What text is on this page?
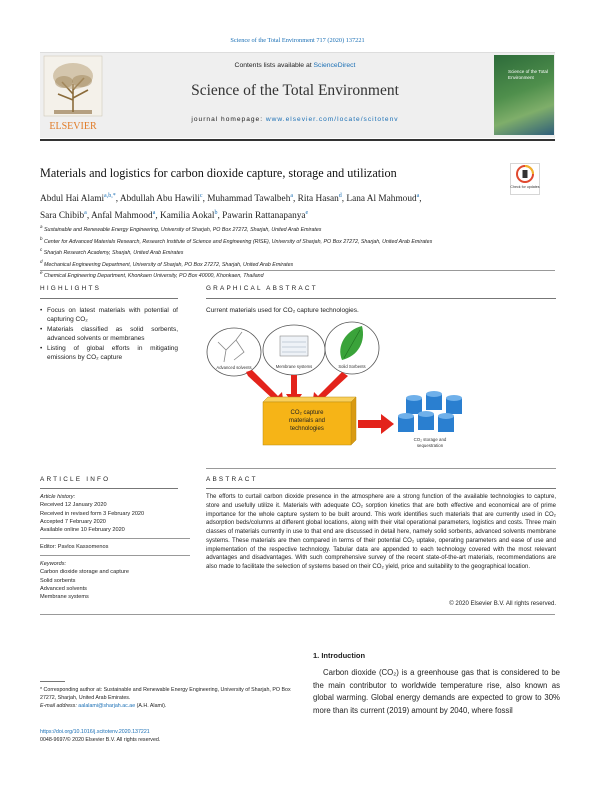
Science of the Total Environment 717 (2020) 137221
ELSEVIER
Contents lists available at ScienceDirect
Science of the Total Environment
journal homepage: www.elsevier.com/locate/scitotenv
Science of the Total Environment
Materials and logistics for carbon dioxide capture, storage and utilization
Check for updates
Abdul Hai Alami$^{a,b,*}$, Abdullah Abu Hawili$^c$, Muhammad Tawalbeh$^a$, Rita Hasan$^d$, Lana Al Mahmoud$^a$,
Sara Chibib$^a$, Anfal Mahmood$^a$, Kamilia Aokal$^b$, Pawarin Rattanapanya$^e$
$^a$ Sustainable and Renewable Energy Engineering, University of Sharjah, PO Box 27272, Sharjah, United Arab Emirates
$^b$ Center for Advanced Materials Research, Research Institute of Science and Engineering (RISE), University of Sharjah, PO Box 27272, Sharjah, United Arab Emirates
$^c$ Sharjah Research Academy, Sharjah, United Arab Emirates
$^d$ Mechanical Engineering Department, University of Sharjah, PO Box 27272, Sharjah, United Arab Emirates
$^e$ Chemical Engineering Department, Khonkaen University, PO Box 40000, Khonkaen, Thailand
HIGHLIGHTS
• Focus on latest materials with potential of capturing CO₂
• Materials classified as solid sorbents, advanced solvents or membranes
• Listing of global efforts in mitigating emissions by CO₂ capture
GRAPHICAL ABSTRACT
Current materials used for CO₂ capture technologies.
Advanced solvents	Membrane systems	Solid Sorbents
CO₂ capture
materials and
technologies
CO₂ storage and
sequestration
ARTICLE INFO
Article history:
Received 12 January 2020
Received in revised form 3 February 2020
Accepted 7 February 2020
Available online 10 February 2020
Editor: Pavlos Kassomenos
Keywords:
Carbon dioxide storage and capture
Solid sorbents
Advanced solvents
Membrane systems
ABSTRACT
The efforts to curtail carbon dioxide presence in the atmosphere are a strong function of the available technologies to capture, store and usefully utilize it. Materials with adequate CO₂ sorption kinetics that are both effective and economical are of prime importance for the whole capture system to be built around. This work identifies such materials that are currently used in CO₂ adsorption beds/columns at different global locations, along with their vital operational parameters, logistics and costs. Three main classes of materials currently in use to that end are discussed in detail here, namely solid sorbents, advanced solvents membrane systems. These materials are then compared in terms of their potential CO₂ uptake, operating parameters and ease of use and implementation of the respective technology. Tabular data are appended to each technology covered with the most relevant advantages and disadvantages. With such comprehensive survey of the recent state-of-the-art materials, recommendations are also made to facilitate the selection of systems based on their CO₂ yield, price and suitability to the geographical location.
© 2020 Elsevier B.V. All rights reserved.
1. Introduction
Carbon dioxide (CO₂) is a greenhouse gas that is considered to be the main contributor to worldwide temperature rise, also known as global warming. Global energy demands are expected to grow to 30% more than its current (2019) amount by 2040, where fossil
* Corresponding author at: Sustainable and Renewable Energy Engineering, University of Sharjah, PO Box 27272, Sharjah, United Arab Emirates.
E-mail address: aalalami@sharjah.ac.ae (A.H. Alami).
https://doi.org/10.1016/j.scitotenv.2020.137221
0048-9697/© 2020 Elsevier B.V. All rights reserved.
